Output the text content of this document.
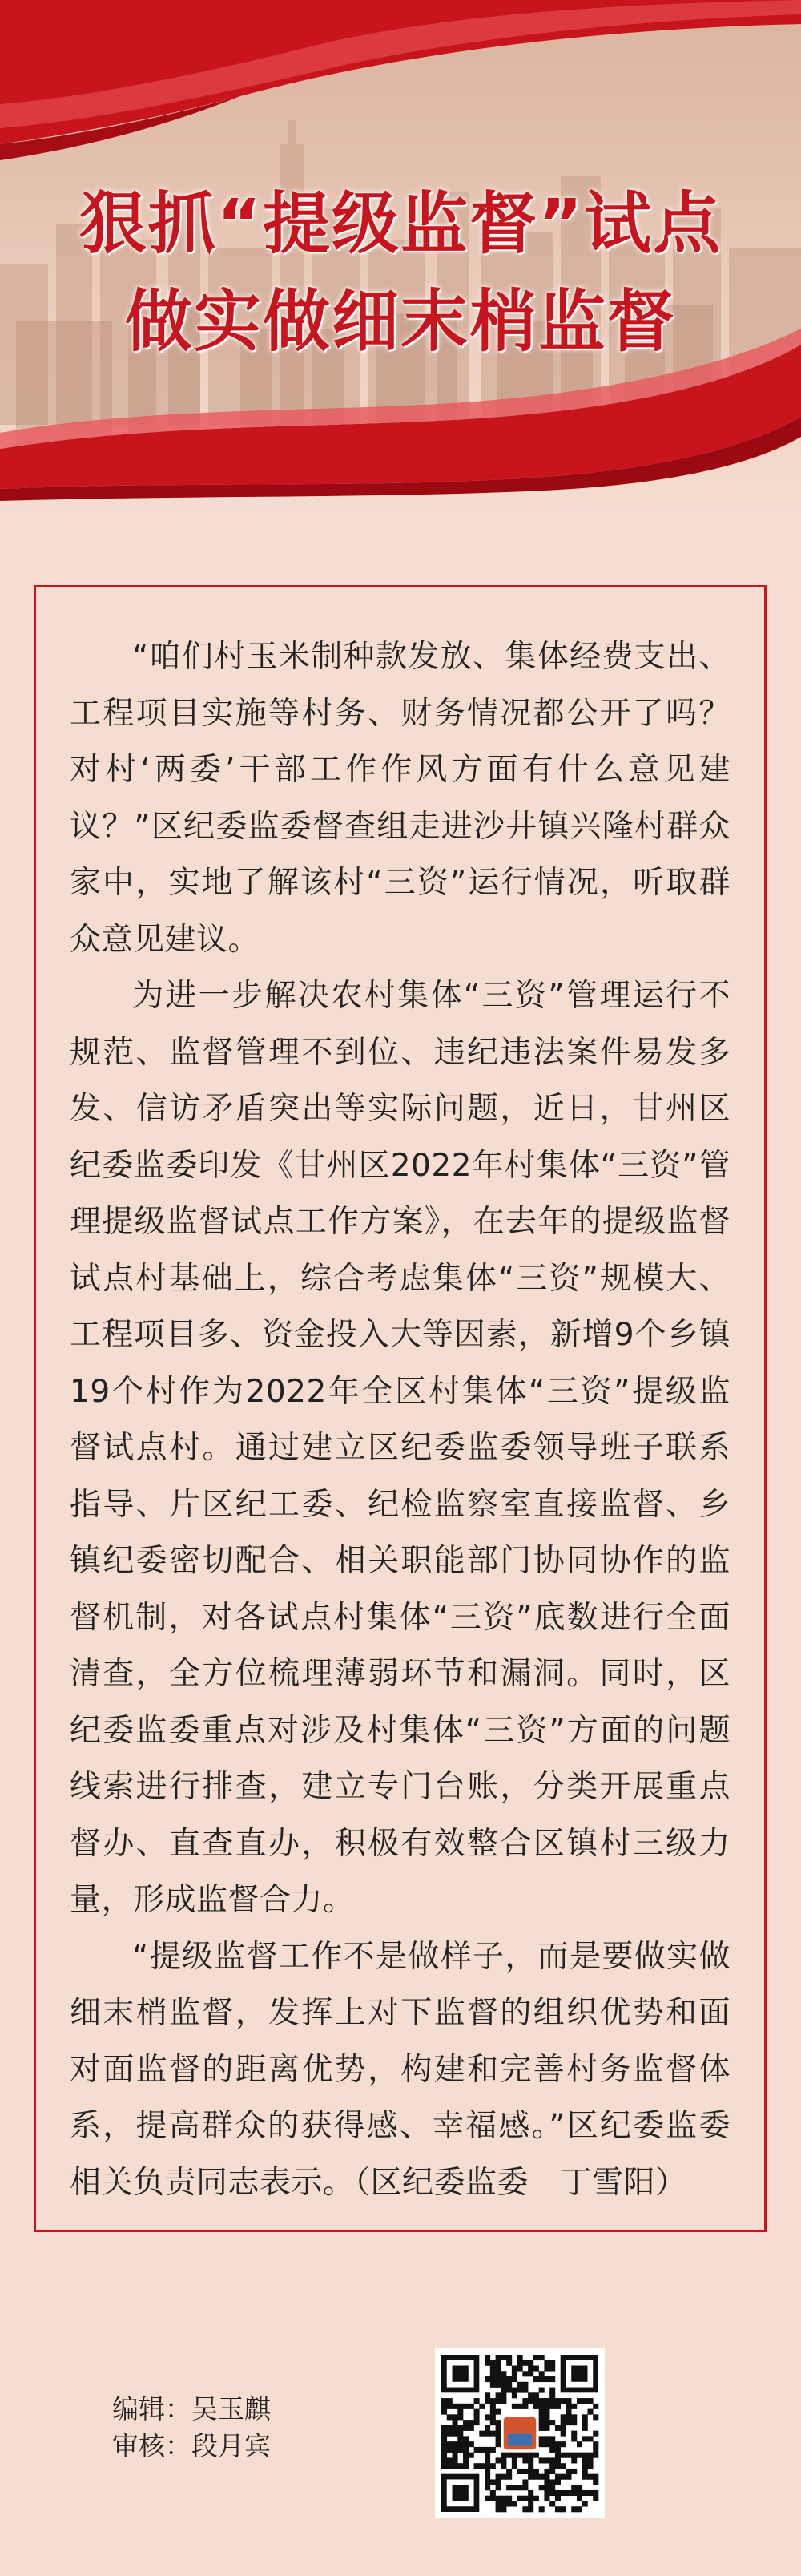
狠抓“提级监督”试点
做实做细末梢监督

“咱们村玉米制种款发放、集体经费支出、工程项目实施等村务、财务情况都公开了吗？对村‘两委’干部工作作风方面有什么意见建议？”区纪委监委督查组走进沙井镇兴隆村群众家中，实地了解该村“三资”运行情况，听取群众意见建议。

为进一步解决农村集体“三资”管理运行不规范、监督管理不到位、违纪违法案件易发多发、信访矛盾突出等实际问题，近日，甘州区纪委监委印发《甘州区2022年村集体“三资”管理提级监督试点工作方案》，在去年的提级监督试点村基础上，综合考虑集体“三资”规模大、工程项目多、资金投入大等因素，新增9个乡镇19个村作为2022年全区村集体“三资”提级监督试点村。通过建立区纪委监委领导班子联系指导、片区纪工委、纪检监察室直接监督、乡镇纪委密切配合、相关职能部门协同协作的监督机制，对各试点村集体“三资”底数进行全面清查，全方位梳理薄弱环节和漏洞。同时，区纪委监委重点对涉及村集体“三资”方面的问题线索进行排查，建立专门台账，分类开展重点督办、直查直办，积极有效整合区镇村三级力量，形成监督合力。

“提级监督工作不是做样子，而是要做实做细末梢监督，发挥上对下监督的组织优势和面对面监督的距离优势，构建和完善村务监督体系，提高群众的获得感、幸福感。”区纪委监委相关负责同志表示。（区纪委监委　丁雪阳）

编辑：吴玉麒
审核：段月宾
